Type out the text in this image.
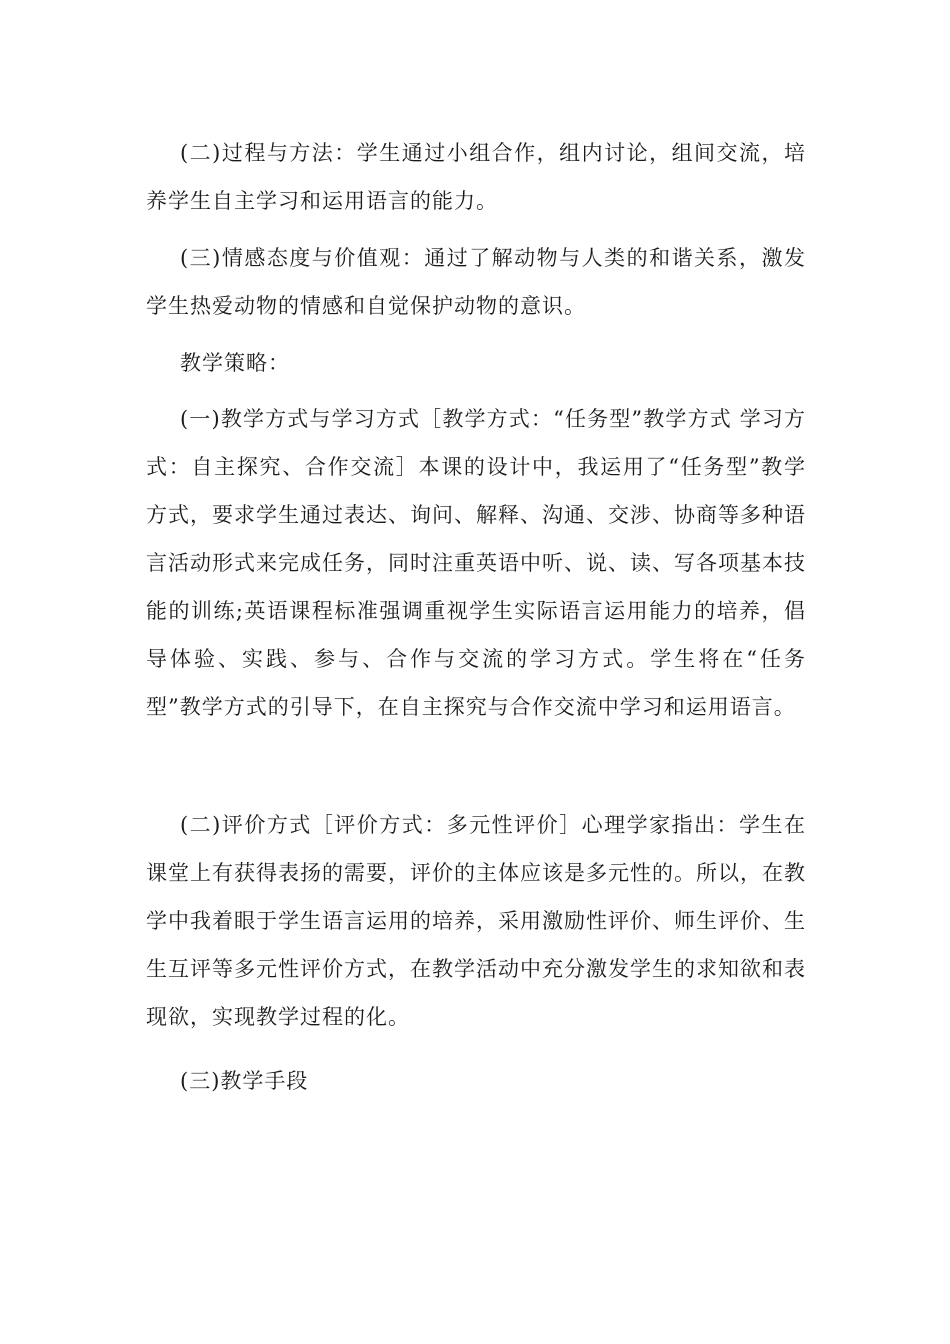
(二)过程与方法：学生通过小组合作，组内讨论，组间交流，培养学生自主学习和运用语言的能力。

(三)情感态度与价值观：通过了解动物与人类的和谐关系，激发学生热爱动物的情感和自觉保护动物的意识。

教学策略：

(一)教学方式与学习方式［教学方式：“任务型”教学方式 学习方式：自主探究、合作交流］本课的设计中，我运用了“任务型”教学方式，要求学生通过表达、询问、解释、沟通、交涉、协商等多种语言活动形式来完成任务，同时注重英语中听、说、读、写各项基本技能的训练;英语课程标准强调重视学生实际语言运用能力的培养，倡导体验、实践、参与、合作与交流的学习方式。学生将在“任务型”教学方式的引导下，在自主探究与合作交流中学习和运用语言。

(二)评价方式［评价方式：多元性评价］心理学家指出：学生在课堂上有获得表扬的需要，评价的主体应该是多元性的。所以，在教学中我着眼于学生语言运用的培养，采用激励性评价、师生评价、生生互评等多元性评价方式，在教学活动中充分激发学生的求知欲和表现欲，实现教学过程的化。

(三)教学手段
